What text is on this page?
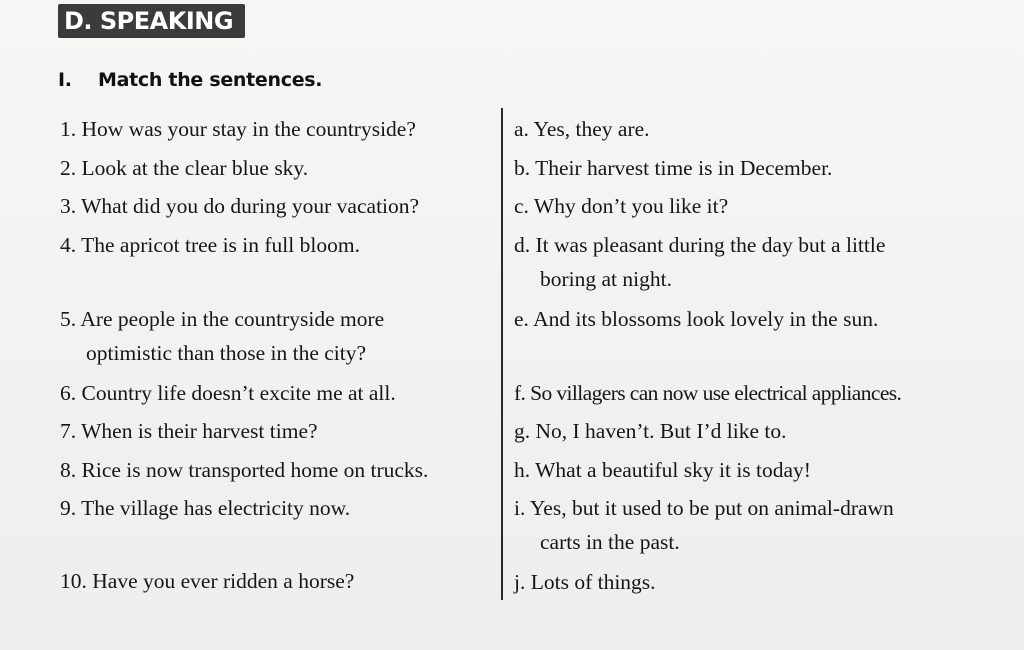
D. SPEAKING
I. Match the sentences.
1. How was your stay in the countryside?
2. Look at the clear blue sky.
3. What did you do during your vacation?
4. The apricot tree is in full bloom.
5. Are people in the countryside more
optimistic than those in the city?
6. Country life doesn’t excite me at all.
7. When is their harvest time?
8. Rice is now transported home on trucks.
9. The village has electricity now.
10. Have you ever ridden a horse?
a. Yes, they are.
b. Their harvest time is in December.
c. Why don’t you like it?
d. It was pleasant during the day but a little
boring at night.
e. And its blossoms look lovely in the sun.
f. So villagers can now use electrical appliances.
g. No, I haven’t. But I’d like to.
h. What a beautiful sky it is today!
i. Yes, but it used to be put on animal-drawn
carts in the past.
j. Lots of things.
